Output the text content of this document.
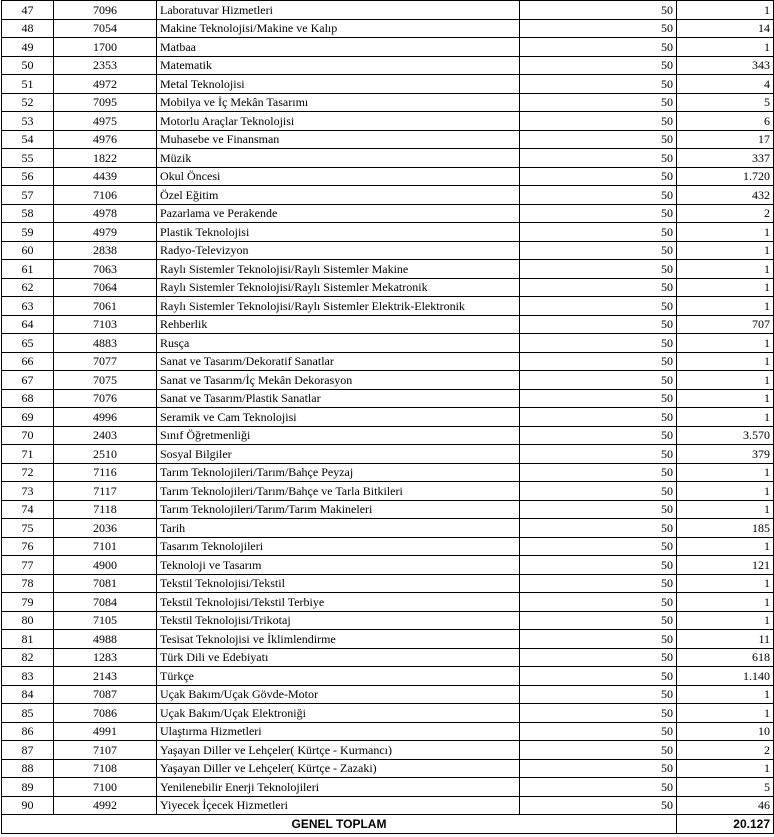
47	7096	Laboratuvar Hizmetleri	50	1
48	7054	Makine Teknolojisi/Makine ve Kalıp	50	14
49	1700	Matbaa	50	1
50	2353	Matematik	50	343
51	4972	Metal Teknolojisi	50	4
52	7095	Mobilya ve İç Mekân Tasarımı	50	5
53	4975	Motorlu Araçlar Teknolojisi	50	6
54	4976	Muhasebe ve Finansman	50	17
55	1822	Müzik	50	337
56	4439	Okul Öncesi	50	1.720
57	7106	Özel Eğitim	50	432
58	4978	Pazarlama ve Perakende	50	2
59	4979	Plastik Teknolojisi	50	1
60	2838	Radyo-Televizyon	50	1
61	7063	Raylı Sistemler Teknolojisi/Raylı Sistemler Makine	50	1
62	7064	Raylı Sistemler Teknolojisi/Raylı Sistemler Mekatronik	50	1
63	7061	Raylı Sistemler Teknolojisi/Raylı Sistemler Elektrik-Elektronik	50	1
64	7103	Rehberlik	50	707
65	4883	Rusça	50	1
66	7077	Sanat ve Tasarım/Dekoratif Sanatlar	50	1
67	7075	Sanat ve Tasarım/İç Mekân Dekorasyon	50	1
68	7076	Sanat ve Tasarım/Plastik Sanatlar	50	1
69	4996	Seramik ve Cam Teknolojisi	50	1
70	2403	Sınıf Öğretmenliği	50	3.570
71	2510	Sosyal Bilgiler	50	379
72	7116	Tarım Teknolojileri/Tarım/Bahçe Peyzaj	50	1
73	7117	Tarım Teknolojileri/Tarım/Bahçe ve Tarla Bitkileri	50	1
74	7118	Tarım Teknolojileri/Tarım/Tarım Makineleri	50	1
75	2036	Tarih	50	185
76	7101	Tasarım Teknolojileri	50	1
77	4900	Teknoloji ve Tasarım	50	121
78	7081	Tekstil Teknolojisi/Tekstil	50	1
79	7084	Tekstil Teknolojisi/Tekstil Terbiye	50	1
80	7105	Tekstil Teknolojisi/Trikotaj	50	1
81	4988	Tesisat Teknolojisi ve İklimlendirme	50	11
82	1283	Türk Dili ve Edebiyatı	50	618
83	2143	Türkçe	50	1.140
84	7087	Uçak Bakım/Uçak Gövde-Motor	50	1
85	7086	Uçak Bakım/Uçak Elektroniği	50	1
86	4991	Ulaştırma Hizmetleri	50	10
87	7107	Yaşayan Diller ve Lehçeler( Kürtçe - Kurmancı)	50	2
88	7108	Yaşayan Diller ve Lehçeler( Kürtçe - Zazaki)	50	1
89	7100	Yenilenebilir Enerji Teknolojileri	50	5
90	4992	Yiyecek İçecek Hizmetleri	50	46
GENEL TOPLAM				20.127
